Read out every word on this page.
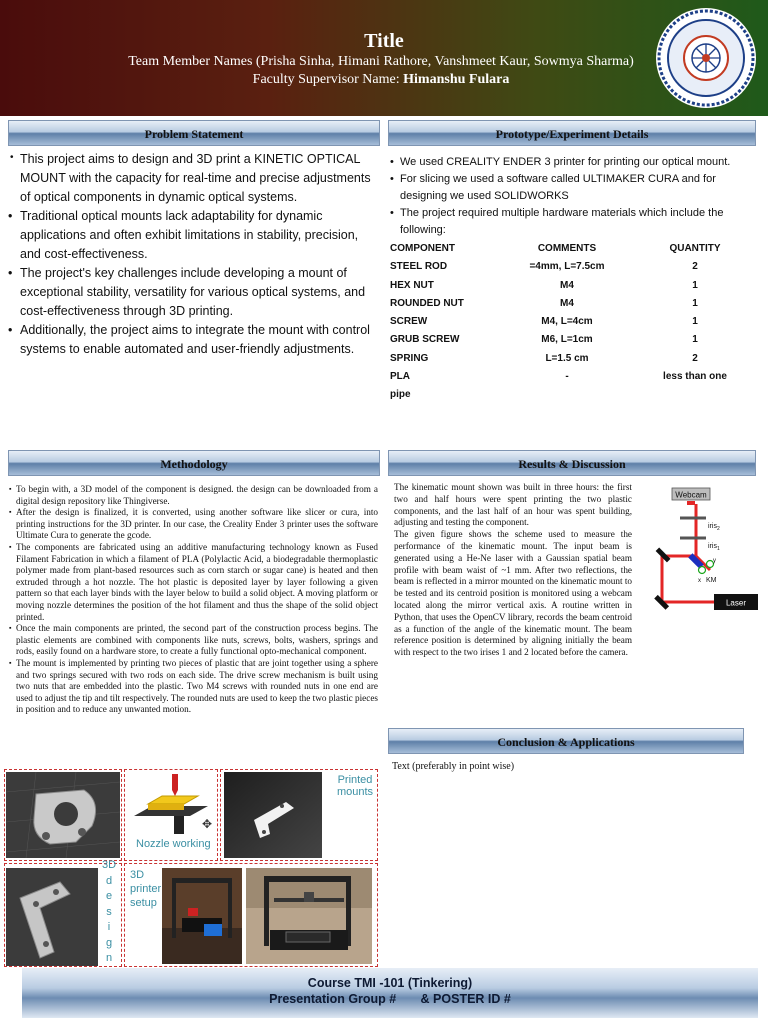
Title
Team Member Names (Prisha Sinha, Himani Rathore, Vanshmeet Kaur, Sowmya Sharma)
Faculty Supervisor Name: Himanshu Fulara
Problem Statement
• This project aims to design and 3D print a KINETIC OPTICAL MOUNT with the capacity for real-time and precise adjustments of optical components in dynamic optical systems.
• Traditional optical mounts lack adaptability for dynamic applications and often exhibit limitations in stability, precision, and cost-effectiveness.
• The project's key challenges include developing a mount of exceptional stability, versatility for various optical systems, and cost-effectiveness through 3D printing.
• Additionally, the project aims to integrate the mount with control systems to enable automated and user-friendly adjustments.
Prototype/Experiment Details
• We used CREALITY ENDER 3 printer for printing our optical mount.
• For slicing we used a software called ULTIMAKER CURA and for designing we used SOLIDWORKS
• The project required multiple hardware materials which include the following:
COMPONENT	COMMENTS	QUANTITY
STEEL ROD	=4mm, L=7.5cm	2
HEX NUT	M4	1
ROUNDED NUT	M4	1
SCREW	M4, L=4cm	1
GRUB SCREW	M6, L=1cm	1
SPRING	L=1.5 cm	2
PLA	-	less than one
pipe		
Methodology

▪ To begin with, a 3D model of the component is designed. the design can be downloaded from a digital design repository like Thingiverse.

▪ After the design is finalized, it is converted, using another software like slicer or cura, into printing instructions for the 3D printer. In our case, the Creality Ender 3 printer uses the software Ultimate Cura to generate the gcode.

▪ The components are fabricated using an additive manufacturing technology known as Fused Filament Fabrication in which a filament of PLA (Polylactic Acid, a biodegradable thermoplastic polymer made from plant-based resources such as corn starch or sugar cane) is heated and then extruded through a hot nozzle. The hot plastic is deposited layer by layer following a given pattern so that each layer binds with the layer below to build a solid object. A moving platform or moving nozzle determines the position of the hot filament and thus the shape of the solid object printed.

▪ Once the main components are printed, the second part of the construction process begins. The plastic elements are combined with components like nuts, screws, bolts, washers, springs and rods, easily found on a hardware store, to create a fully functional opto-mechanical component.

▪ The mount is implemented by printing two pieces of plastic that are joint together using a sphere and two springs secured with two rods on each side. The drive screw mechanism is built using two nuts that are embedded into the plastic. Two M4 screws with rounded nuts in one end are used to adjust the tip and tilt respectively. The rounded nuts are used to keep the two plastic pieces in position and to reduce any unwanted motion.

Results & Discussion

The kinematic mount shown was built in three hours: the first two and half hours were spent printing the two plastic components, and the last half of an hour was spent building, adjusting and testing the component.

The given figure shows the scheme used to measure the performance of the kinematic mount. The input beam is generated using a He-Ne laser with a Gaussian spatial beam profile with beam waist of ~1 mm. After two reflections, the beam is reflected in a mirror mounted on the kinematic mount to be tested and its centroid position is monitored using a webcam located along the mirror vertical axis. A routine written in Python, that uses the OpenCV library, records the beam centroid as a function of the angle of the kinematic mount. The beam reference position is determined by aligning initially the beam with respect to the two irises 1 and 2 located before the camera.

Webcam
iris$_2$
iris$_1$
x
y
KM
Laser
Conclusion & Applications
Text (preferably in point wise)
✥
Nozzle working
Printed
mounts
3D
d
e
s
i
g
n
3D
printer
setup
Course TMI -101 (Tinkering)
Presentation Group #       & POSTER ID #
